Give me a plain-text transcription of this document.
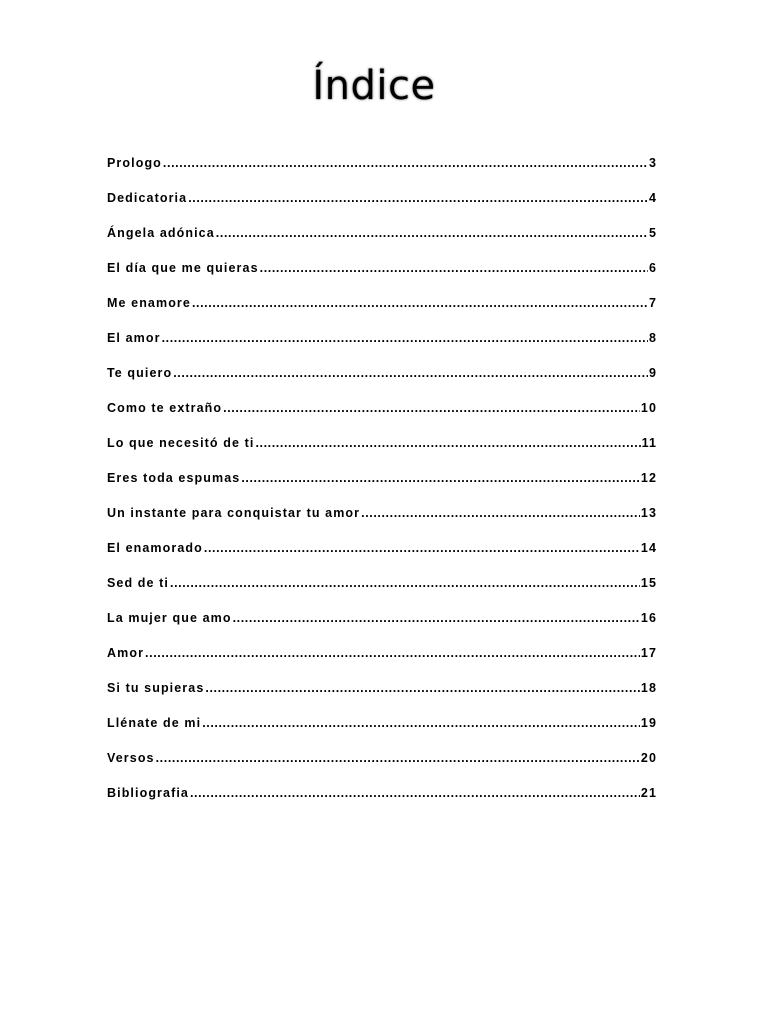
Índice
Prologo .....	3
Dedicatoria .....	4
Ángela adónica .....	5
El día que me quieras .....	6
Me enamore .....	7
El amor .....	8
Te quiero .....	9
Como te extraño .....	10
Lo que necesitó de ti .....	11
Eres toda espumas .....	12
Un instante para conquistar tu amor .....	13
El enamorado .....	14
Sed de ti .....	15
La mujer que amo .....	16
Amor .....	17
Si tu supieras .....	18
Llénate de mi .....	19
Versos .....	20
Bibliografia .....	21
